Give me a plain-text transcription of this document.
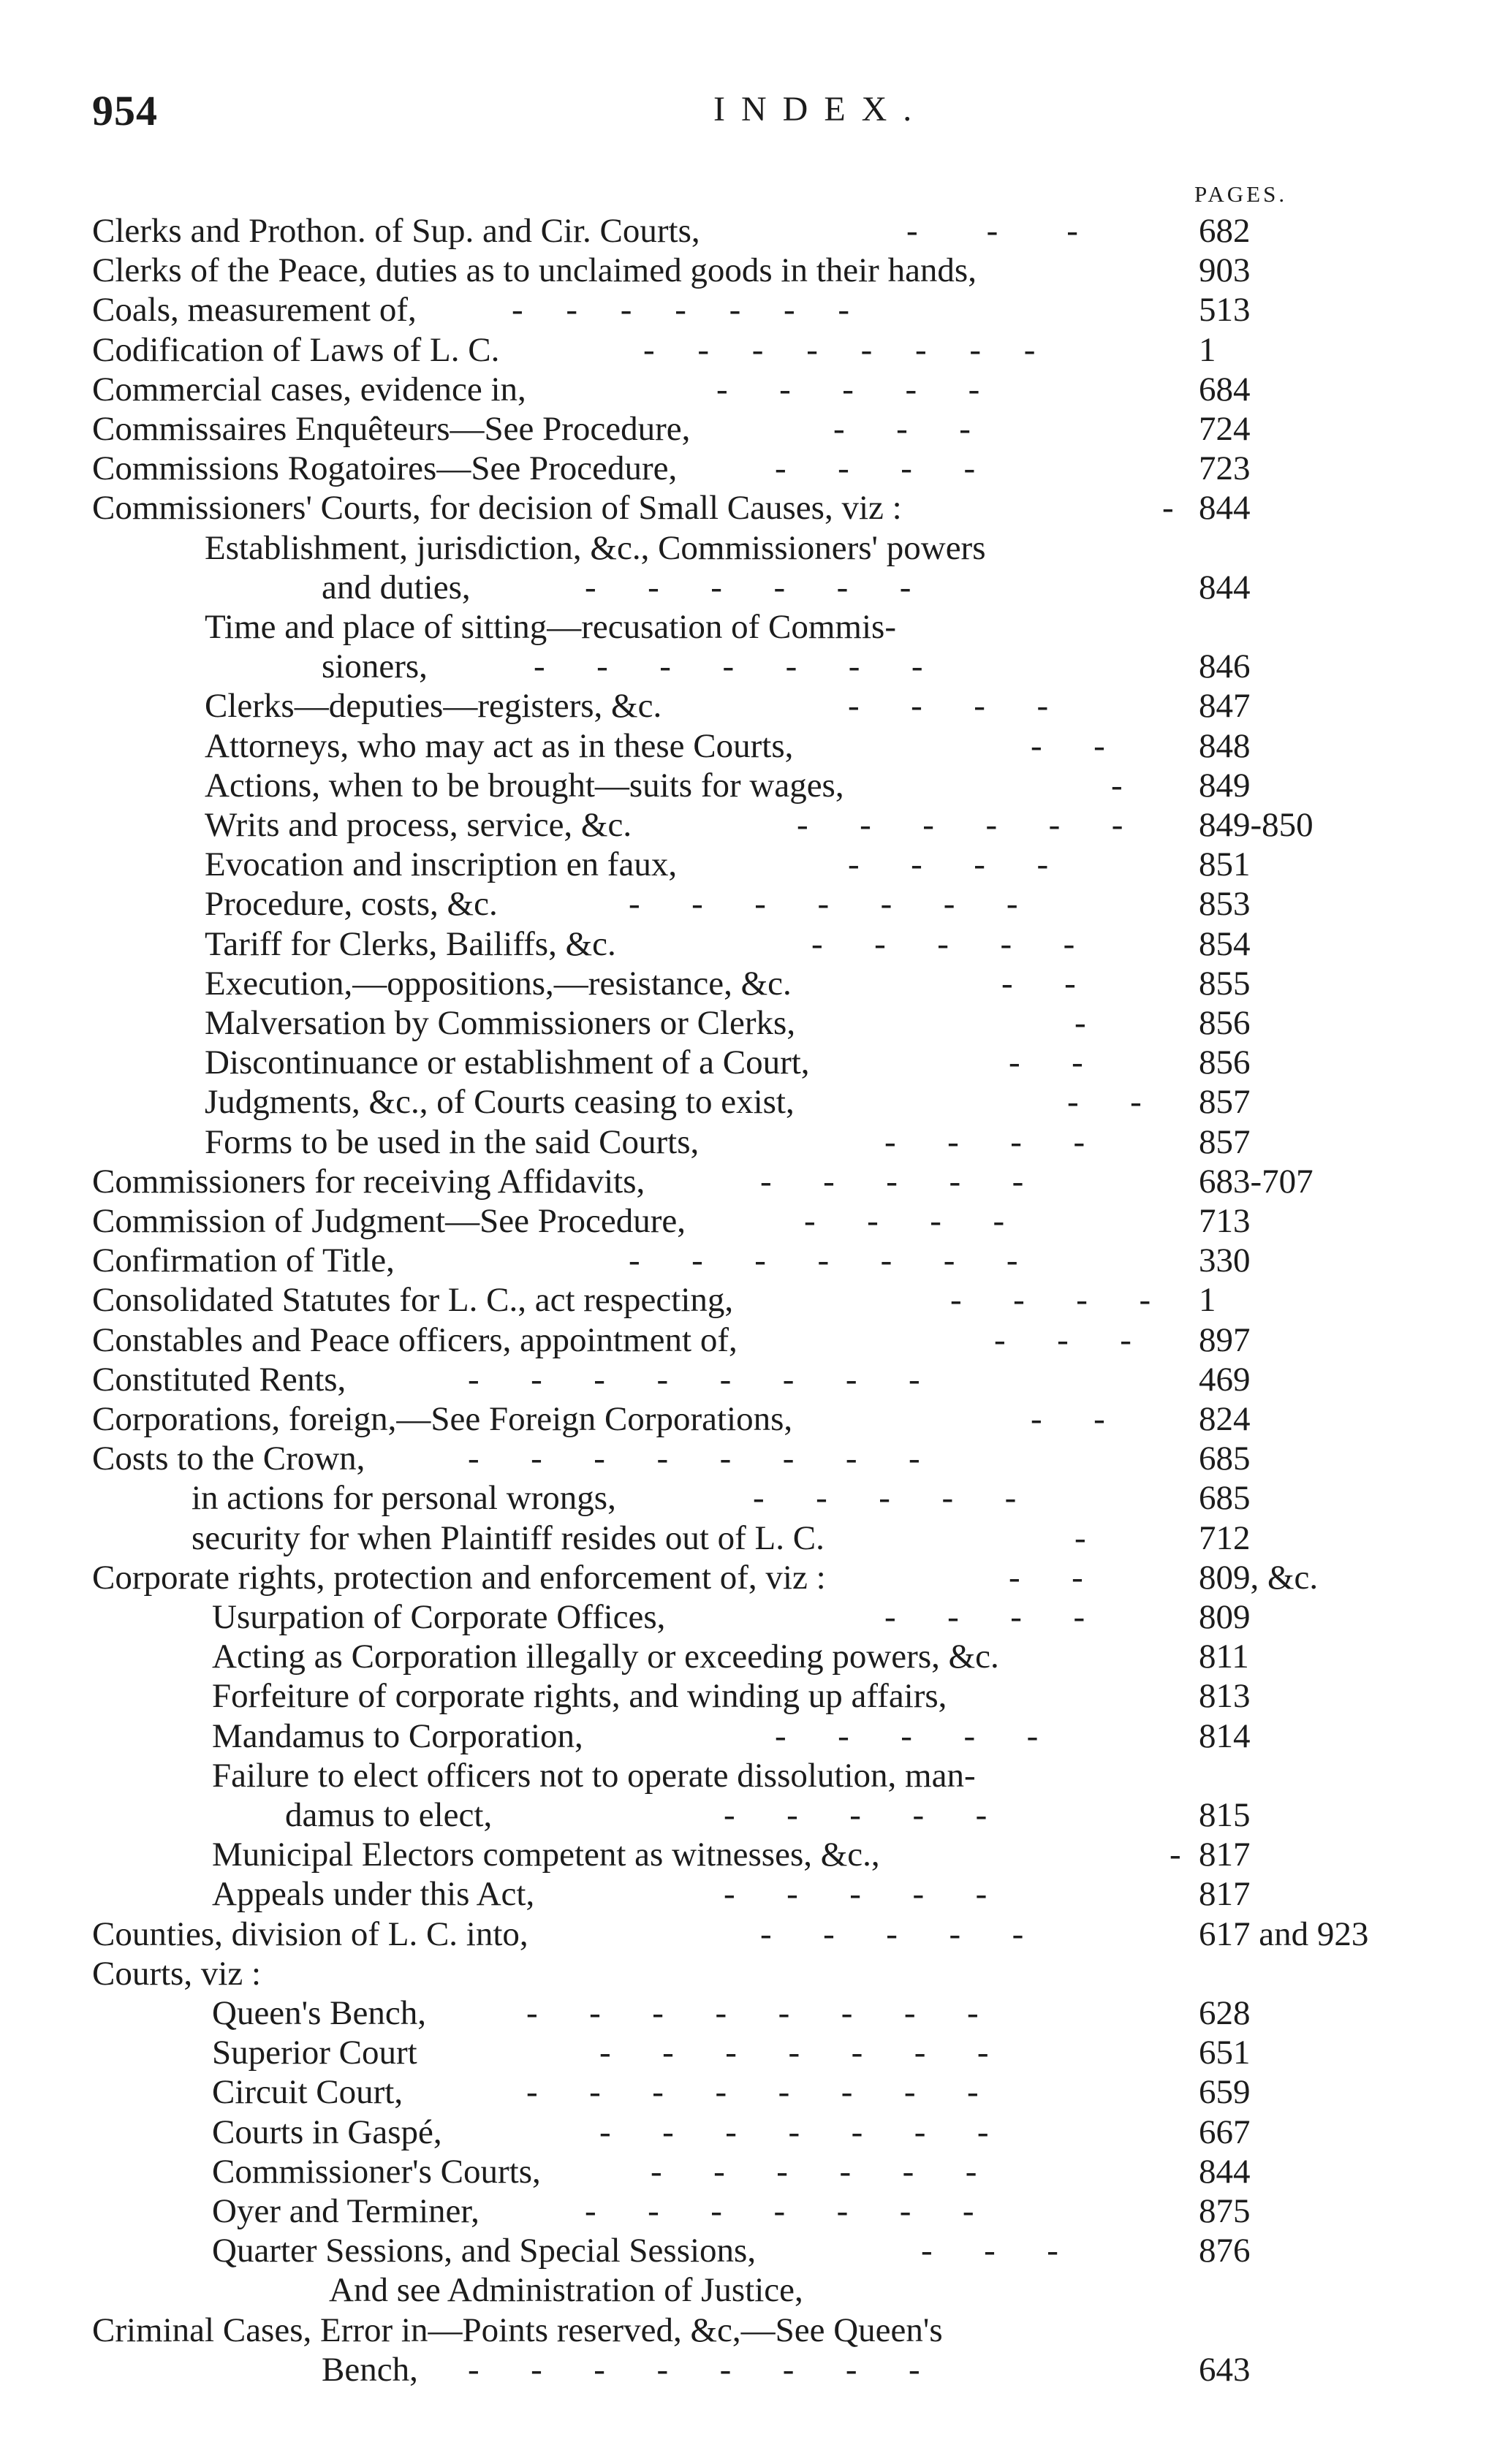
954	INDEX.
PAGES.
Clerks and Prothon. of Sup. and Cir. Courts,	-        -        -	682
Clerks of the Peace, duties as to unclaimed goods in their hands,	903
Coals, measurement of,	-     -     -     -     -     -     -	513
Codification of Laws of L. C.	-     -     -     -     -     -     -     -	1
Commercial cases, evidence in,	-      -      -      -      -	684
Commissaires Enquêteurs—See Procedure,	-      -      -	724
Commissions Rogatoires—See Procedure,	-      -      -      -	723
Commissioners' Courts, for decision of Small Causes, viz :	- 844
Establishment, jurisdiction, &c., Commissioners' powers
and duties,	-      -      -      -      -      -	844
Time and place of sitting—recusation of Commis-
sioners,	-      -      -      -      -      -      -	846
Clerks—deputies—registers, &c.	-      -      -      -	847
Attorneys, who may act as in these Courts,	-      -	848
Actions, when to be brought—suits for wages,	- 849
Writs and process, service, &c.	-      -      -      -      -      - 849-850
Evocation and inscription en faux,	-      -      -      -	851
Procedure, costs, &c.	-      -      -      -      -      -      -	853
Tariff for Clerks, Bailiffs, &c.	-      -      -      -      -	854
Execution,—oppositions,—resistance, &c.	-      -	855
Malversation by Commissioners or Clerks,	-	856
Discontinuance or establishment of a Court,	-      -	856
Judgments, &c., of Courts ceasing to exist,	-      - 857
Forms to be used in the said Courts,	-      -      -      -	857
Commissioners for receiving Affidavits,	-      -      -      -      -	683-707
Commission of Judgment—See Procedure,	-      -      -      -	713
Confirmation of Title,	-      -      -      -      -      -      -	330
Consolidated Statutes for L. C., act respecting,	-      -      -      - 1
Constables and Peace officers, appointment of,	-      -      - 897
Constituted Rents,	-      -      -      -      -      -      -      -	469
Corporations, foreign,—See Foreign Corporations,	-      -	824
Costs to the Crown,	-      -      -      -      -      -      -      -	685
in actions for personal wrongs,	-      -      -      -      -	685
security for when Plaintiff resides out of L. C.	-	712
Corporate rights, protection and enforcement of, viz :	-      -	809, &c.
Usurpation of Corporate Offices,	-      -      -      -	809
Acting as Corporation illegally or exceeding powers, &c.	811
Forfeiture of corporate rights, and winding up affairs,	813
Mandamus to Corporation,	-      -      -      -      -	814
Failure to elect officers not to operate dissolution, man-
damus to elect,	-      -      -      -      -	815
Municipal Electors competent as witnesses, &c.,	- 817
Appeals under this Act,	-      -      -      -      -	817
Counties, division of L. C. into,	-      -      -      -      -	617 and 923
Courts, viz :
Queen's Bench,	-      -      -      -      -      -      -      -	628
Superior Court	-      -      -      -      -      -      -	651
Circuit Court,	-      -      -      -      -      -      -      -	659
Courts in Gaspé,	-      -      -      -      -      -      -	667
Commissioner's Courts,	-      -      -      -      -      -	844
Oyer and Terminer,	-      -      -      -      -      -      -	875
Quarter Sessions, and Special Sessions,	-      -      -	876
And see Administration of Justice,
Criminal Cases, Error in—Points reserved, &c,—See Queen's
Bench, -      -      -      -      -      -      -      -	643
